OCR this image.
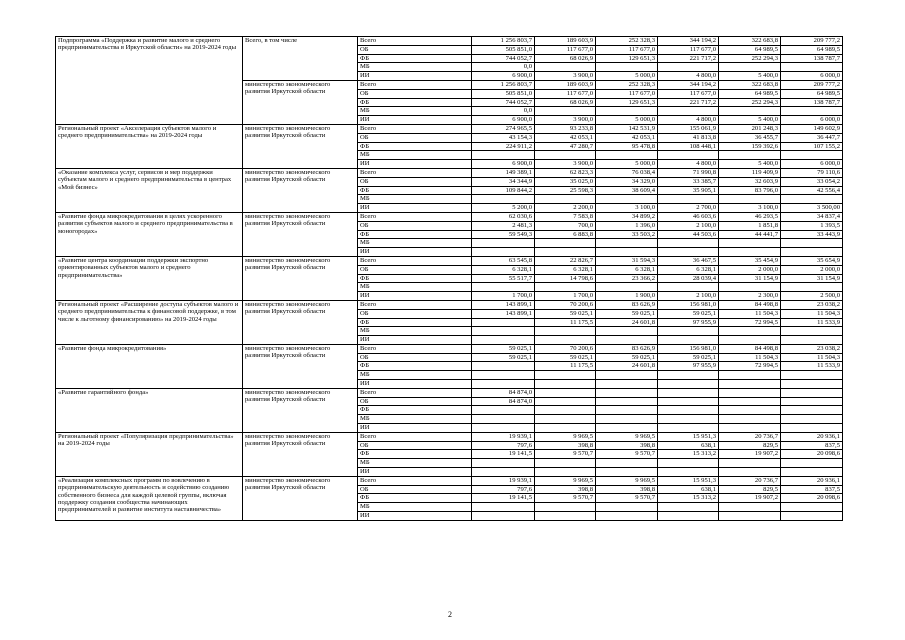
Подпрограмма «Поддержка и развитие малого и среднего предпринимательства в Иркутской области» на 2019-2024 годы	Всего, в том числе	Всего	1 256 803,7	189 603,9	252 328,3	344 194,2	322 683,8	209 777,2
		ОБ	505 851,0	117 677,0	117 677,0	117 677,0	64 989,5	64 989,5
		ФБ	744 052,7	68 026,9	129 651,3	221 717,2	252 294,3	138 787,7
		МБ	0,0					
		ИИ	6 900,0	3 900,0	5 000,0	4 800,0	5 400,0	6 000,0
	министерство экономического развития Иркутской области	Всего	1 256 803,7	189 603,9	252 328,3	344 194,2	322 683,8	209 777,2
		ОБ	505 851,0	117 677,0	117 677,0	117 677,0	64 989,5	64 989,5
		ФБ	744 052,7	68 026,9	129 651,3	221 717,2	252 294,3	138 787,7
		МБ	0,0					
		ИИ	6 900,0	3 900,0	5 000,0	4 800,0	5 400,0	6 000,0
Региональный проект «Акселерация субъектов малого и среднего предпринимательства» на 2019-2024 годы	министерство экономического развития Иркутской области	Всего	274 965,5	93 233,8	142 531,9	155 061,9	201 248,3	149 602,9
		ОБ	43 154,3	42 053,1	42 053,1	41 813,8	36 455,7	36 447,7
		ФБ	224 911,2	47 280,7	95 478,8	108 448,1	159 392,6	107 155,2
		МБ						
		ИИ	6 900,0	3 900,0	5 000,0	4 800,0	5 400,0	6 000,0
«Оказание комплекса услуг, сервисов и мер поддержки субъектам малого и среднего предпринимательства в центрах «Мой бизнес»	министерство экономического развития Иркутской области	Всего	149 389,1	62 823,3	76 038,4	71 990,8	119 409,9	79 110,6
		ОБ	34 344,9	35 025,0	34 329,0	33 385,7	32 603,9	33 054,2
		ФБ	109 844,2	25 598,3	38 609,4	35 905,1	83 796,0	42 556,4
		МБ						
		ИИ	5 200,0	2 200,0	3 100,0	2 700,0	3 100,0	3 500,00
«Развитие фонда микрокредитования в целях ускоренного развития субъектов малого и среднего предпринимательства в моногородах»	министерство экономического развития Иркутской области	Всего	62 030,6	7 583,8	34 899,2	46 603,6	46 293,5	34 837,4
		ОБ	2 481,3	700,0	1 396,0	2 100,0	1 851,8	1 393,5
		ФБ	59 549,3	6 883,8	33 503,2	44 503,6	44 441,7	33 443,9
		МБ						
		ИИ						
«Развитие центра координации поддержки экспортно ориентированных субъектов малого и среднего предпринимательства»	министерство экономического развития Иркутской области	Всего	63 545,8	22 826,7	31 594,3	36 467,5	35 454,9	35 654,9
		ОБ	6 328,1	6 328,1	6 328,1	6 328,1	2 000,0	2 000,0
		ФБ	55 517,7	14 798,6	23 366,2	28 039,4	31 154,9	31 154,9
		МБ						
		ИИ	1 700,0	1 700,0	1 900,0	2 100,0	2 300,0	2 500,0
Региональный проект «Расширение доступа субъектов малого и среднего предпринимательства к финансовой поддержке, в том числе к льготному финансированию» на 2019-2024 годы	министерство экономического развития Иркутской области	Всего	143 899,1	70 200,6	83 626,9	156 981,0	84 498,8	23 038,2
		ОБ	143 899,1	59 025,1	59 025,1	59 025,1	11 504,3	11 504,3
		ФБ		11 175,5	24 601,8	97 955,9	72 994,5	11 533,9
		МБ						
		ИИ						
«Развитие фонда микрокредитования»	министерство экономического развития Иркутской области	Всего	59 025,1	70 200,6	83 626,9	156 981,0	84 498,8	23 038,2
		ОБ	59 025,1	59 025,1	59 025,1	59 025,1	11 504,3	11 504,3
		ФБ		11 175,5	24 601,8	97 955,9	72 994,5	11 533,9
		МБ						
		ИИ						
«Развитие гарантийного фонда»	министерство экономического развития Иркутской области	Всего	84 874,0					
		ОБ	84 874,0					
		ФБ						
		МБ						
		ИИ						
Региональный проект «Популяризация предпринимательства» на 2019-2024 годы	министерство экономического развития Иркутской области	Всего	19 939,1	9 969,5	9 969,5	15 951,3	20 736,7	20 936,1
		ОБ	797,6	398,8	398,8	638,1	829,5	837,5
		ФБ	19 141,5	9 570,7	9 570,7	15 313,2	19 907,2	20 098,6
		МБ						
		ИИ						
«Реализация комплексных программ по вовлечению в предпринимательскую деятельность и содействию созданию собственного бизнеса для каждой целевой группы, включая поддержку создания сообщества начинающих предпринимателей и развитие института наставничества»	министерство экономического развития Иркутской области	Всего	19 939,1	9 969,5	9 969,5	15 951,3	20 736,7	20 936,1
		ОБ	797,6	398,8	398,8	638,1	829,5	837,5
		ФБ	19 141,5	9 570,7	9 570,7	15 313,2	19 907,2	20 098,6
		МБ						
		ИИ						
2
